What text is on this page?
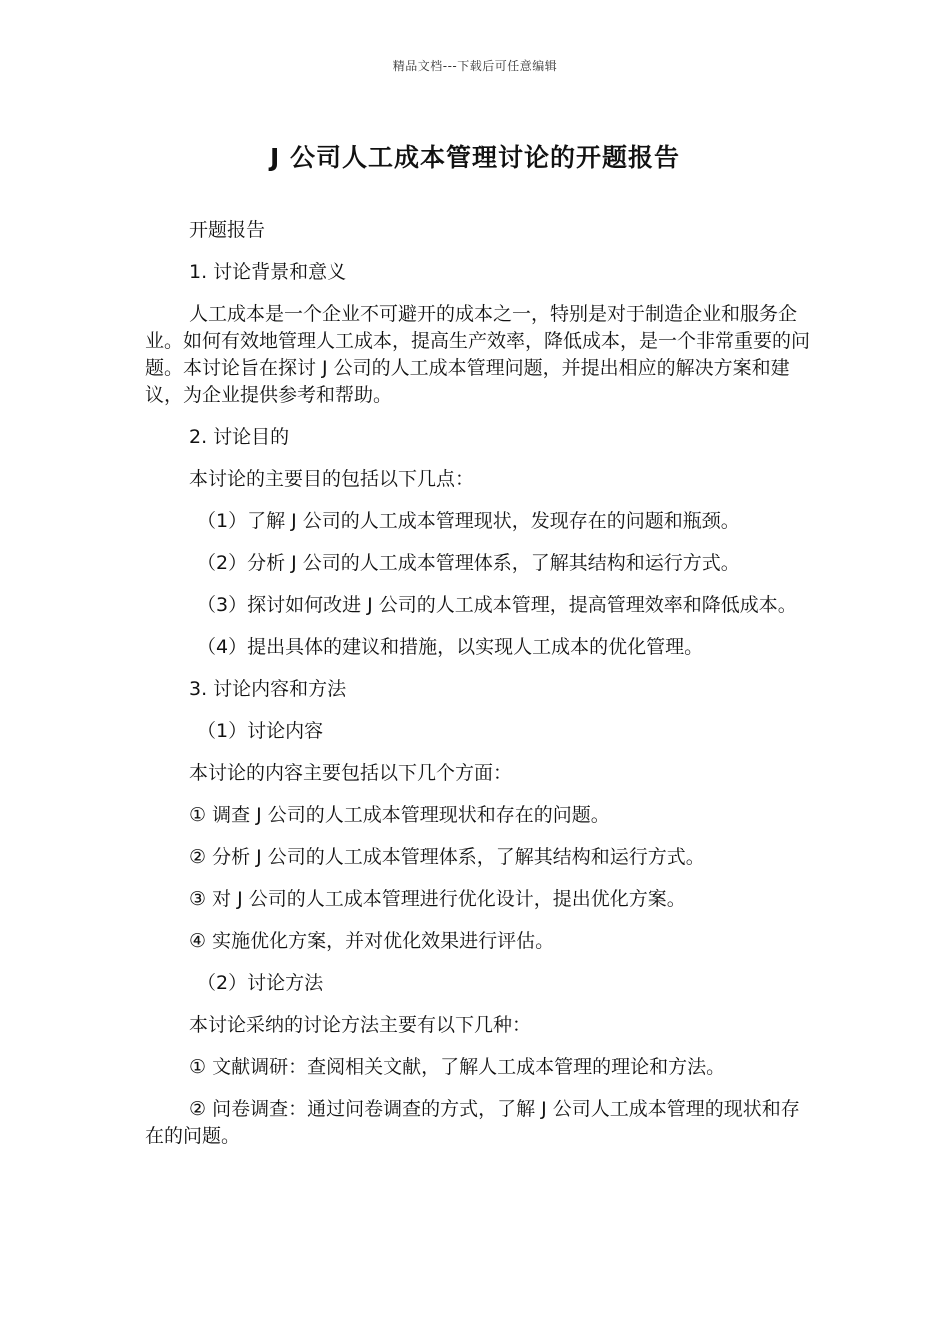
精品文档---下载后可任意编辑
J 公司人工成本管理讨论的开题报告

开题报告

1. 讨论背景和意义

人工成本是一个企业不可避开的成本之一，特别是对于制造企业和服务企业。如何有效地管理人工成本，提高生产效率，降低成本，是一个非常重要的问题。本讨论旨在探讨 J 公司的人工成本管理问题，并提出相应的解决方案和建议，为企业提供参考和帮助。

2. 讨论目的

本讨论的主要目的包括以下几点：

（1）了解 J 公司的人工成本管理现状，发现存在的问题和瓶颈。

（2）分析 J 公司的人工成本管理体系，了解其结构和运行方式。

（3）探讨如何改进 J 公司的人工成本管理，提高管理效率和降低成本。

（4）提出具体的建议和措施，以实现人工成本的优化管理。

3. 讨论内容和方法

（1）讨论内容

本讨论的内容主要包括以下几个方面：

① 调查 J 公司的人工成本管理现状和存在的问题。

② 分析 J 公司的人工成本管理体系，了解其结构和运行方式。

③ 对 J 公司的人工成本管理进行优化设计，提出优化方案。

④ 实施优化方案，并对优化效果进行评估。

（2）讨论方法

本讨论采纳的讨论方法主要有以下几种：

① 文献调研：查阅相关文献，了解人工成本管理的理论和方法。

② 问卷调查：通过问卷调查的方式，了解 J 公司人工成本管理的现状和存在的问题。
